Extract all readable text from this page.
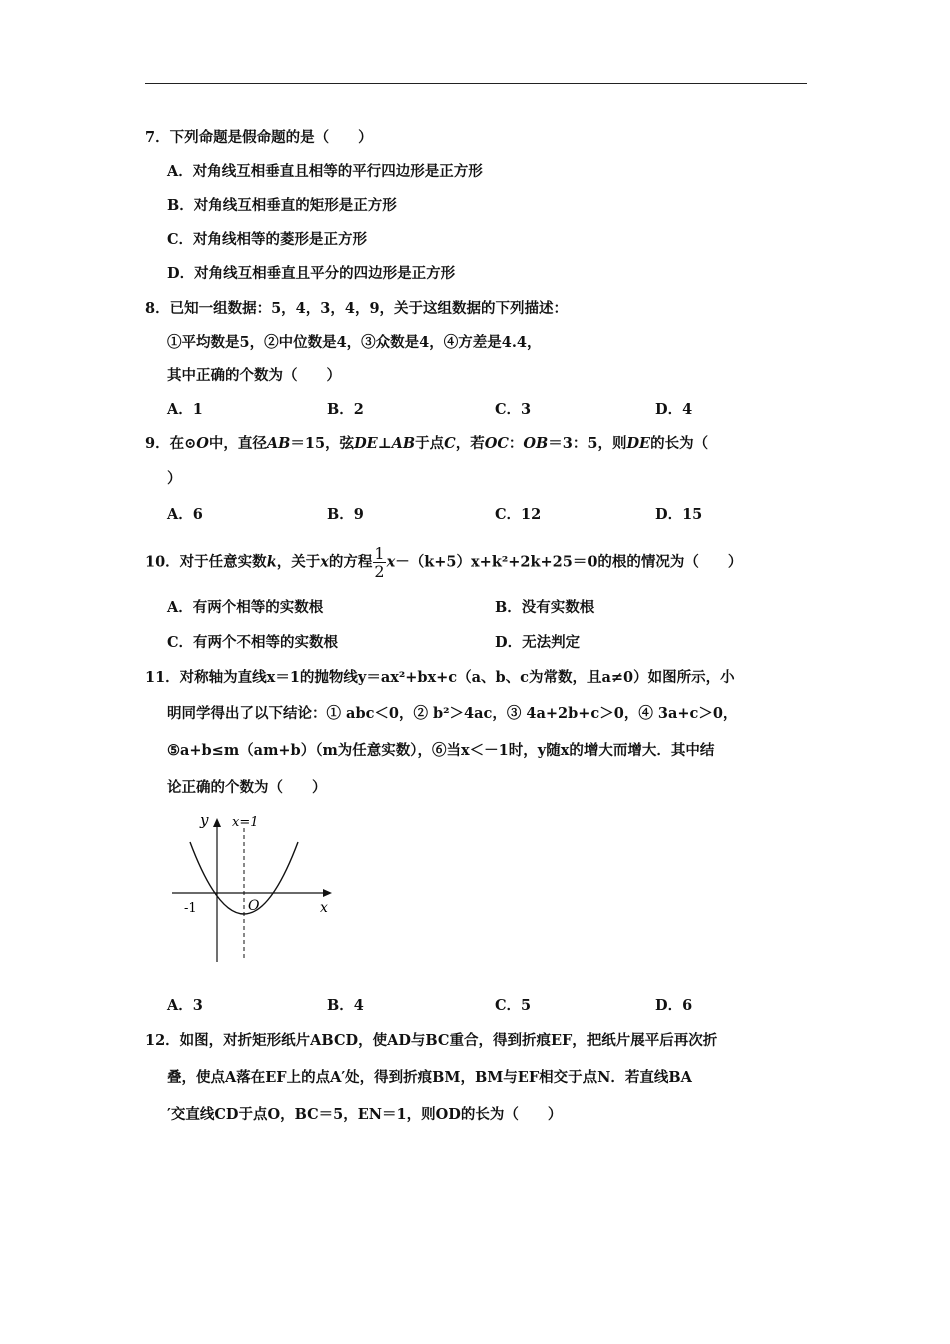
7．下列命题是假命题的是（　　）
A．对角线互相垂直且相等的平行四边形是正方形
B．对角线互相垂直的矩形是正方形
C．对角线相等的菱形是正方形
D．对角线互相垂直且平分的四边形是正方形
8．已知一组数据：5，4，3，4，9，关于这组数据的下列描述：
①平均数是5，②中位数是4，③众数是4，④方差是4.4，
其中正确的个数为（　　）
A．1	B．2	C．3	D．4
9．在⊙O中，直径AB＝15，弦DE⊥AB于点C，若OC：OB＝3：5，则DE的长为（
）
A．6	B．9	C．12	D．15
10．对于任意实数k，关于x的方程 $\frac{1}{2} x-(k+5)x+k^2+2k+25=0$的根的情况为（　　）
A．有两个相等的实数根	B．没有实数根
C．有两个不相等的实数根	D．无法判定
11．对称轴为直线x＝1的抛物线y＝ax²+bx+c（a、b、c为常数，且a≠0）如图所示，小
明同学得出了以下结论：① abc＜0，② b²＞4ac，③ 4a+2b+c＞0，④ 3a+c＞0，
⑤a+b≤m（am+b）（m为任意实数），⑥当x＜－1时，y随x的增大而增大．其中结
论正确的个数为（　　）
y x=1
-1	O	x
A．3	B．4	C．5	D．6
12．如图，对折矩形纸片ABCD，使AD与BC重合，得到折痕EF，把纸片展平后再次折
叠，使点A落在EF上的点A′处，得到折痕BM，BM与EF相交于点N．若直线BA
′交直线CD于点O，BC＝5，EN＝1，则OD的长为（　　）
